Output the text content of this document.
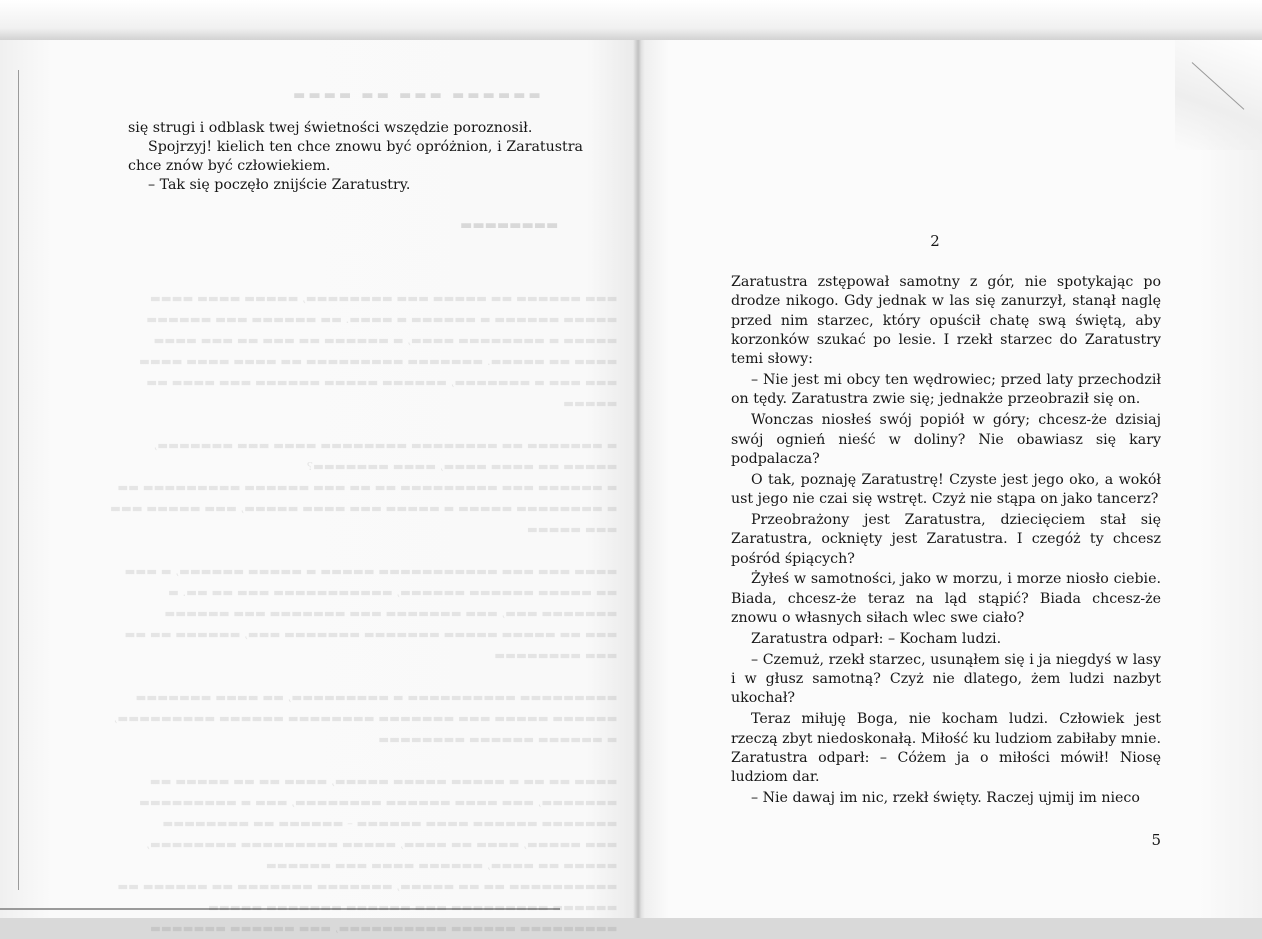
▬▬▬▬▬▬ ▬▬▬ ▬▬ ▬▬▬▬
▬▬▬▬▬▬▬▬
▬▬▬ ▬▬▬▬▬▬ ▬▬ ▬▬▬▬▬ ▬▬▬ ▬▬▬▬▬▬▬▬, ▬▬▬▬▬ ▬▬▬▬ ▬▬▬▬
▬▬▬▬▬ ▬▬▬▬▬▬ ▬ ▬▬▬▬▬▬ ▬ ▬▬▬▬. ▬▬ ▬▬▬▬▬▬ ▬▬▬ ▬▬▬▬▬▬
▬▬▬▬▬ ▬ ▬▬▬▬▬▬▬▬ ▬▬▬▬, ▬ ▬▬▬▬▬▬ ▬▬ ▬▬▬ ▬▬ ▬▬▬ ▬▬▬▬
▬▬▬▬ ▬▬ ▬▬▬▬▬. ▬▬▬▬▬▬▬ ▬▬▬▬▬▬▬▬▬ ▬▬ ▬▬▬▬ ▬▬▬▬ ▬▬▬▬
▬▬▬ ▬▬▬ ▬ ▬▬▬▬▬▬▬, ▬▬▬▬▬▬ ▬▬▬▬▬ ▬▬▬▬▬▬ ▬▬▬ ▬▬▬▬ ▬▬
▬▬▬▬▬

▬ ▬▬▬▬▬▬▬ ▬▬ ▬▬▬▬▬▬▬▬ ▬▬▬▬▬▬▬▬ ▬▬▬▬ ▬▬▬ ▬▬▬▬▬▬▬,
▬▬▬▬▬ ▬▬ ▬▬▬▬ ▬▬▬▬, ▬▬▬▬ ▬▬▬▬▬▬▬?
▬ ▬▬▬▬▬▬ ▬▬▬ ▬▬▬▬▬▬▬▬▬ ▬▬ ▬▬ ▬▬▬ ▬▬▬▬▬▬ ▬▬▬▬▬▬▬▬▬ ▬▬
▬ ▬▬▬▬▬▬▬▬ ▬▬▬▬▬ ▬ ▬▬▬▬▬ ▬▬▬ ▬▬▬▬ ▬▬▬▬▬, ▬▬▬ ▬▬▬▬▬ ▬▬▬
▬▬▬ ▬▬▬▬▬

▬▬▬▬ ▬▬▬ ▬▬▬ ▬▬▬▬▬▬▬▬▬▬▬ ▬▬▬▬▬ ▬ ▬▬▬▬▬ ▬▬▬▬▬▬, ▬ ▬▬▬
▬▬ ▬▬▬▬▬ ▬▬▬▬▬▬ ▬▬▬▬▬▬, ▬▬▬▬▬▬▬▬▬▬▬ ▬▬▬ ▬▬ ▬▬. ▬
▬▬▬▬▬▬▬ ▬▬▬, ▬▬▬ ▬▬▬▬▬▬▬ ▬▬▬ ▬▬▬▬▬▬▬ ▬▬▬ ▬▬▬▬▬▬
▬▬▬ ▬▬ ▬▬▬▬▬ ▬▬▬▬▬ ▬▬▬▬▬▬▬ ▬▬▬▬▬▬▬ ▬▬▬, ▬▬▬▬▬▬ ▬▬ ▬▬
▬▬▬ ▬▬▬▬▬▬▬▬

▬▬▬▬▬▬▬▬▬ ▬▬▬▬▬▬▬▬▬▬ ▬ ▬▬▬▬▬▬▬▬▬, ▬▬ ▬▬▬▬ ▬▬▬▬▬▬▬
▬▬▬▬▬▬ ▬▬▬▬▬ ▬▬▬ ▬▬▬▬▬▬▬ ▬▬▬▬▬▬▬▬ ▬▬▬▬▬▬ ▬▬▬▬▬▬▬▬▬,
▬ ▬▬▬▬▬▬ ▬▬▬▬▬▬ ▬▬▬▬▬▬▬▬

▬▬▬▬ ▬▬ ▬▬ ▬ ▬▬▬▬▬ ▬▬▬▬▬ ▬▬▬▬▬, ▬▬▬▬ ▬▬ ▬▬ ▬▬▬▬▬ ▬▬
▬▬▬▬▬▬▬, ▬▬▬ ▬▬▬▬ ▬▬▬▬▬▬ ▬▬▬▬▬▬▬▬, ▬▬▬ ▬ ▬▬▬▬▬▬▬▬▬
▬▬▬▬▬▬▬ ▬▬▬▬▬▬ ▬▬▬▬ ▬▬▬▬▬▬ – ▬▬▬▬▬▬ ▬▬ ▬▬▬▬▬▬▬▬
▬▬▬ ▬▬▬▬▬, ▬▬▬▬ ▬▬ ▬▬▬▬, ▬▬▬▬▬ ▬▬▬▬▬▬▬▬▬ ▬▬▬▬▬▬▬▬,
▬▬▬▬▬ ▬▬ ▬▬▬▬, ▬▬▬▬▬▬ ▬▬▬▬ ▬▬▬ ▬▬▬▬▬▬
▬▬▬▬▬▬▬▬▬▬ ▬▬ ▬▬ ▬▬▬▬▬, ▬▬▬▬▬▬▬ ▬▬▬▬▬▬▬ ▬▬ ▬▬▬▬▬▬ ▬▬
▬▬▬▬▬▬ ▬▬▬▬▬▬▬▬▬ ▬▬▬ ▬▬▬▬▬▬ ▬▬▬▬▬▬▬ ▬▬▬▬▬
▬▬▬▬▬▬▬▬▬ ▬▬▬▬▬▬ ▬▬▬▬▬▬▬▬▬▬, ▬▬▬ ▬▬▬▬▬▬ ▬▬▬▬▬▬▬

się strugi i odblask twej świetności wszędzie poroznosił.

Spojrzyj! kielich ten chce znowu być opróżnion, i Zaratustra chce znów być człowiekiem.

– Tak się poczęło znijście Zaratustry.

2

Zaratustra zstępował samotny z gór, nie spotykając po drodze nikogo. Gdy jednak w las się zanurzył, stanął naglę przed nim starzec, który opuścił chatę swą świętą, aby korzonków szukać po lesie. I rzekł starzec do Zaratustry temi słowy:

– Nie jest mi obcy ten wędrowiec; przed laty przechodził on tędy. Zaratustra zwie się; jednakże przeobraził się on.

Wonczas niosłeś swój popiół w góry; chcesz-że dzisiaj swój ognień nieść w doliny? Nie obawiasz się kary podpalacza?

O tak, poznaję Zaratustrę! Czyste jest jego oko, a wokół ust jego nie czai się wstręt. Czyż nie stąpa on jako tancerz?

Przeobrażony jest Zaratustra, dziecięciem stał się Zaratustra, ocknięty jest Zaratustra. I czegóż ty chcesz pośród śpiących?

Żyłeś w samotności, jako w morzu, i morze niosło ciebie. Biada, chcesz-że teraz na ląd stąpić? Biada chcesz-że znowu o własnych siłach wlec swe ciało?

Zaratustra odparł: – Kocham ludzi.

– Czemuż, rzekł starzec, usunąłem się i ja niegdyś w lasy i w głusz samotną? Czyż nie dlatego, żem ludzi nazbyt ukochał?

Teraz miłuję Boga, nie kocham ludzi. Człowiek jest rzeczą zbyt niedoskonałą. Miłość ku ludziom zabiłaby mnie. Zaratustra odparł: – Cóżem ja o miłości mówił! Niosę ludziom dar.

– Nie dawaj im nic, rzekł święty. Raczej ujmij im nieco

5
